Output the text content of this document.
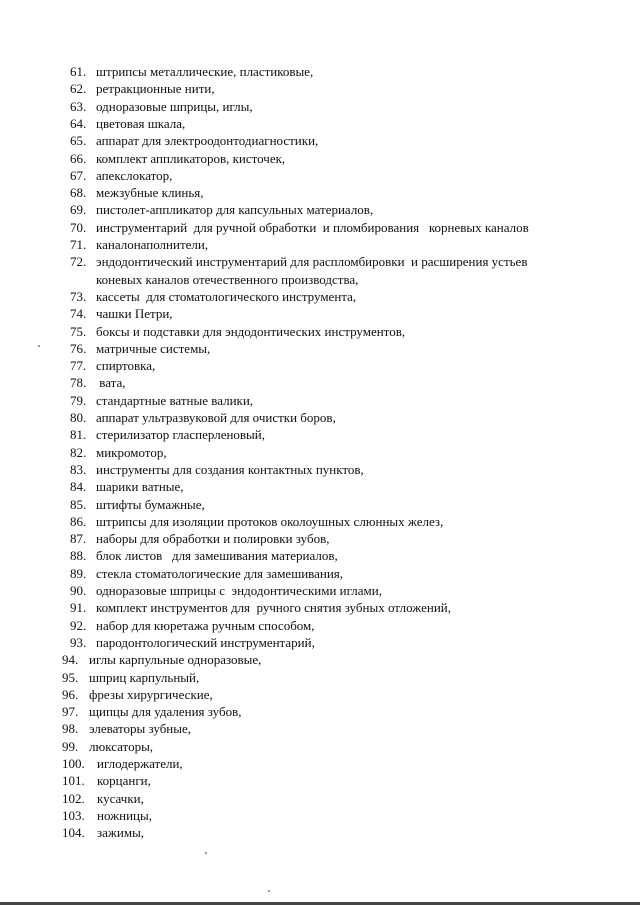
61. штрипсы металлические, пластиковые,
62. ретракционные нити,
63. одноразовые шприцы, иглы,
64. цветовая шкала,
65. аппарат для электроодонтодиагностики,
66. комплект аппликаторов, кисточек,
67. апекслокатор,
68. межзубные клинья,
69. пистолет-аппликатор для капсульных материалов,
70. инструментарий  для ручной обработки  и пломбирования   корневых каналов
71. каналонаполнители,
72. эндодонтический инструментарий для распломбировки  и расширения устьев
коневых каналов отечественного производства,
73. кассеты  для стоматологического инструмента,
74. чашки Петри,
75. боксы и подставки для эндодонтических инструментов,
76. матричные системы,
77. спиртовка,
78. вата,
79. стандартные ватные валики,
80. аппарат ультразвуковой для очистки боров,
81. стерилизатор гласперленовый,
82. микромотор,
83. инструменты для создания контактных пунктов,
84. шарики ватные,
85. штифты бумажные,
86. штрипсы для изоляции протоков околоушных слюнных желез,
87. наборы для обработки и полировки зубов,
88. блок листов   для замешивания материалов,
89. стекла стоматологические для замешивания,
90. одноразовые шприцы с  эндодонтическими иглами,
91. комплект инструментов для  ручного снятия зубных отложений,
92. набор для кюретажа ручным способом,
93. пародонтологический инструментарий,
94. иглы карпульные одноразовые,
95. шприц карпульный,
96. фрезы хирургические,
97. щипцы для удаления зубов,
98. элеваторы зубные,
99. люксаторы,
100. иглодержатели,
101. корцанги,
102. кусачки,
103. ножницы,
104. зажимы,
